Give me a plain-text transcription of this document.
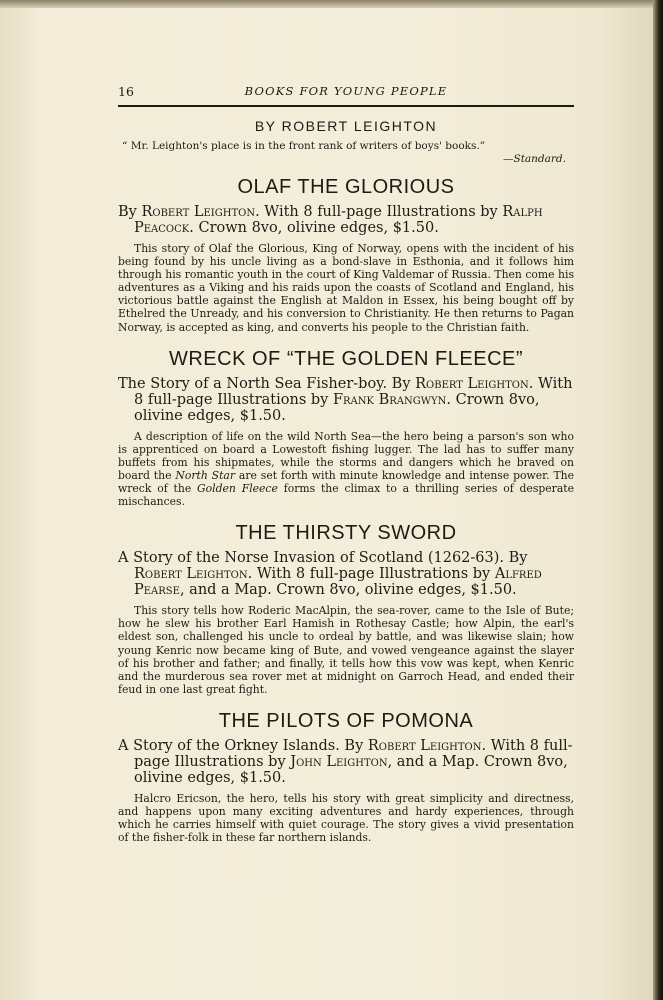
16	BOOKS FOR YOUNG PEOPLE

BY ROBERT LEIGHTON

“ Mr. Leighton's place is in the front rank of writers of boys' books.”

—Standard.

OLAF THE GLORIOUS

By Robert Leighton. With 8 full-page Illustrations by Ralph Peacock. Crown 8vo, olivine edges, $1.50.

This story of Olaf the Glorious, King of Norway, opens with the incident of his being found by his uncle living as a bond-slave in Esthonia, and it follows him through his romantic youth in the court of King Valdemar of Russia. Then come his adventures as a Viking and his raids upon the coasts of Scotland and England, his victorious battle against the English at Maldon in Essex, his being bought off by Ethelred the Unready, and his conversion to Christianity. He then returns to Pagan Norway, is accepted as king, and converts his people to the Christian faith.

WRECK OF “THE GOLDEN FLEECE”

The Story of a North Sea Fisher-boy. By Robert Leighton. With 8 full-page Illustrations by Frank Brangwyn. Crown 8vo, olivine edges, $1.50.

A description of life on the wild North Sea—the hero being a parson's son who is apprenticed on board a Lowestoft fishing lugger. The lad has to suffer many buffets from his shipmates, while the storms and dangers which he braved on board the North Star are set forth with minute knowledge and intense power. The wreck of the Golden Fleece forms the climax to a thrilling series of desperate mischances.

THE THIRSTY SWORD

A Story of the Norse Invasion of Scotland (1262-63). By Robert Leighton. With 8 full-page Illustrations by Alfred Pearse, and a Map. Crown 8vo, olivine edges, $1.50.

This story tells how Roderic MacAlpin, the sea-rover, came to the Isle of Bute; how he slew his brother Earl Hamish in Rothesay Castle; how Alpin, the earl's eldest son, challenged his uncle to ordeal by battle, and was likewise slain; how young Kenric now became king of Bute, and vowed vengeance against the slayer of his brother and father; and finally, it tells how this vow was kept, when Kenric and the murderous sea rover met at midnight on Garroch Head, and ended their feud in one last great fight.

THE PILOTS OF POMONA

A Story of the Orkney Islands. By Robert Leighton. With 8 full-page Illustrations by John Leighton, and a Map. Crown 8vo, olivine edges, $1.50.

Halcro Ericson, the hero, tells his story with great simplicity and directness, and happens upon many exciting adventures and hardy experiences, through which he carries himself with quiet courage. The story gives a vivid presentation of the fisher-folk in these far northern islands.
